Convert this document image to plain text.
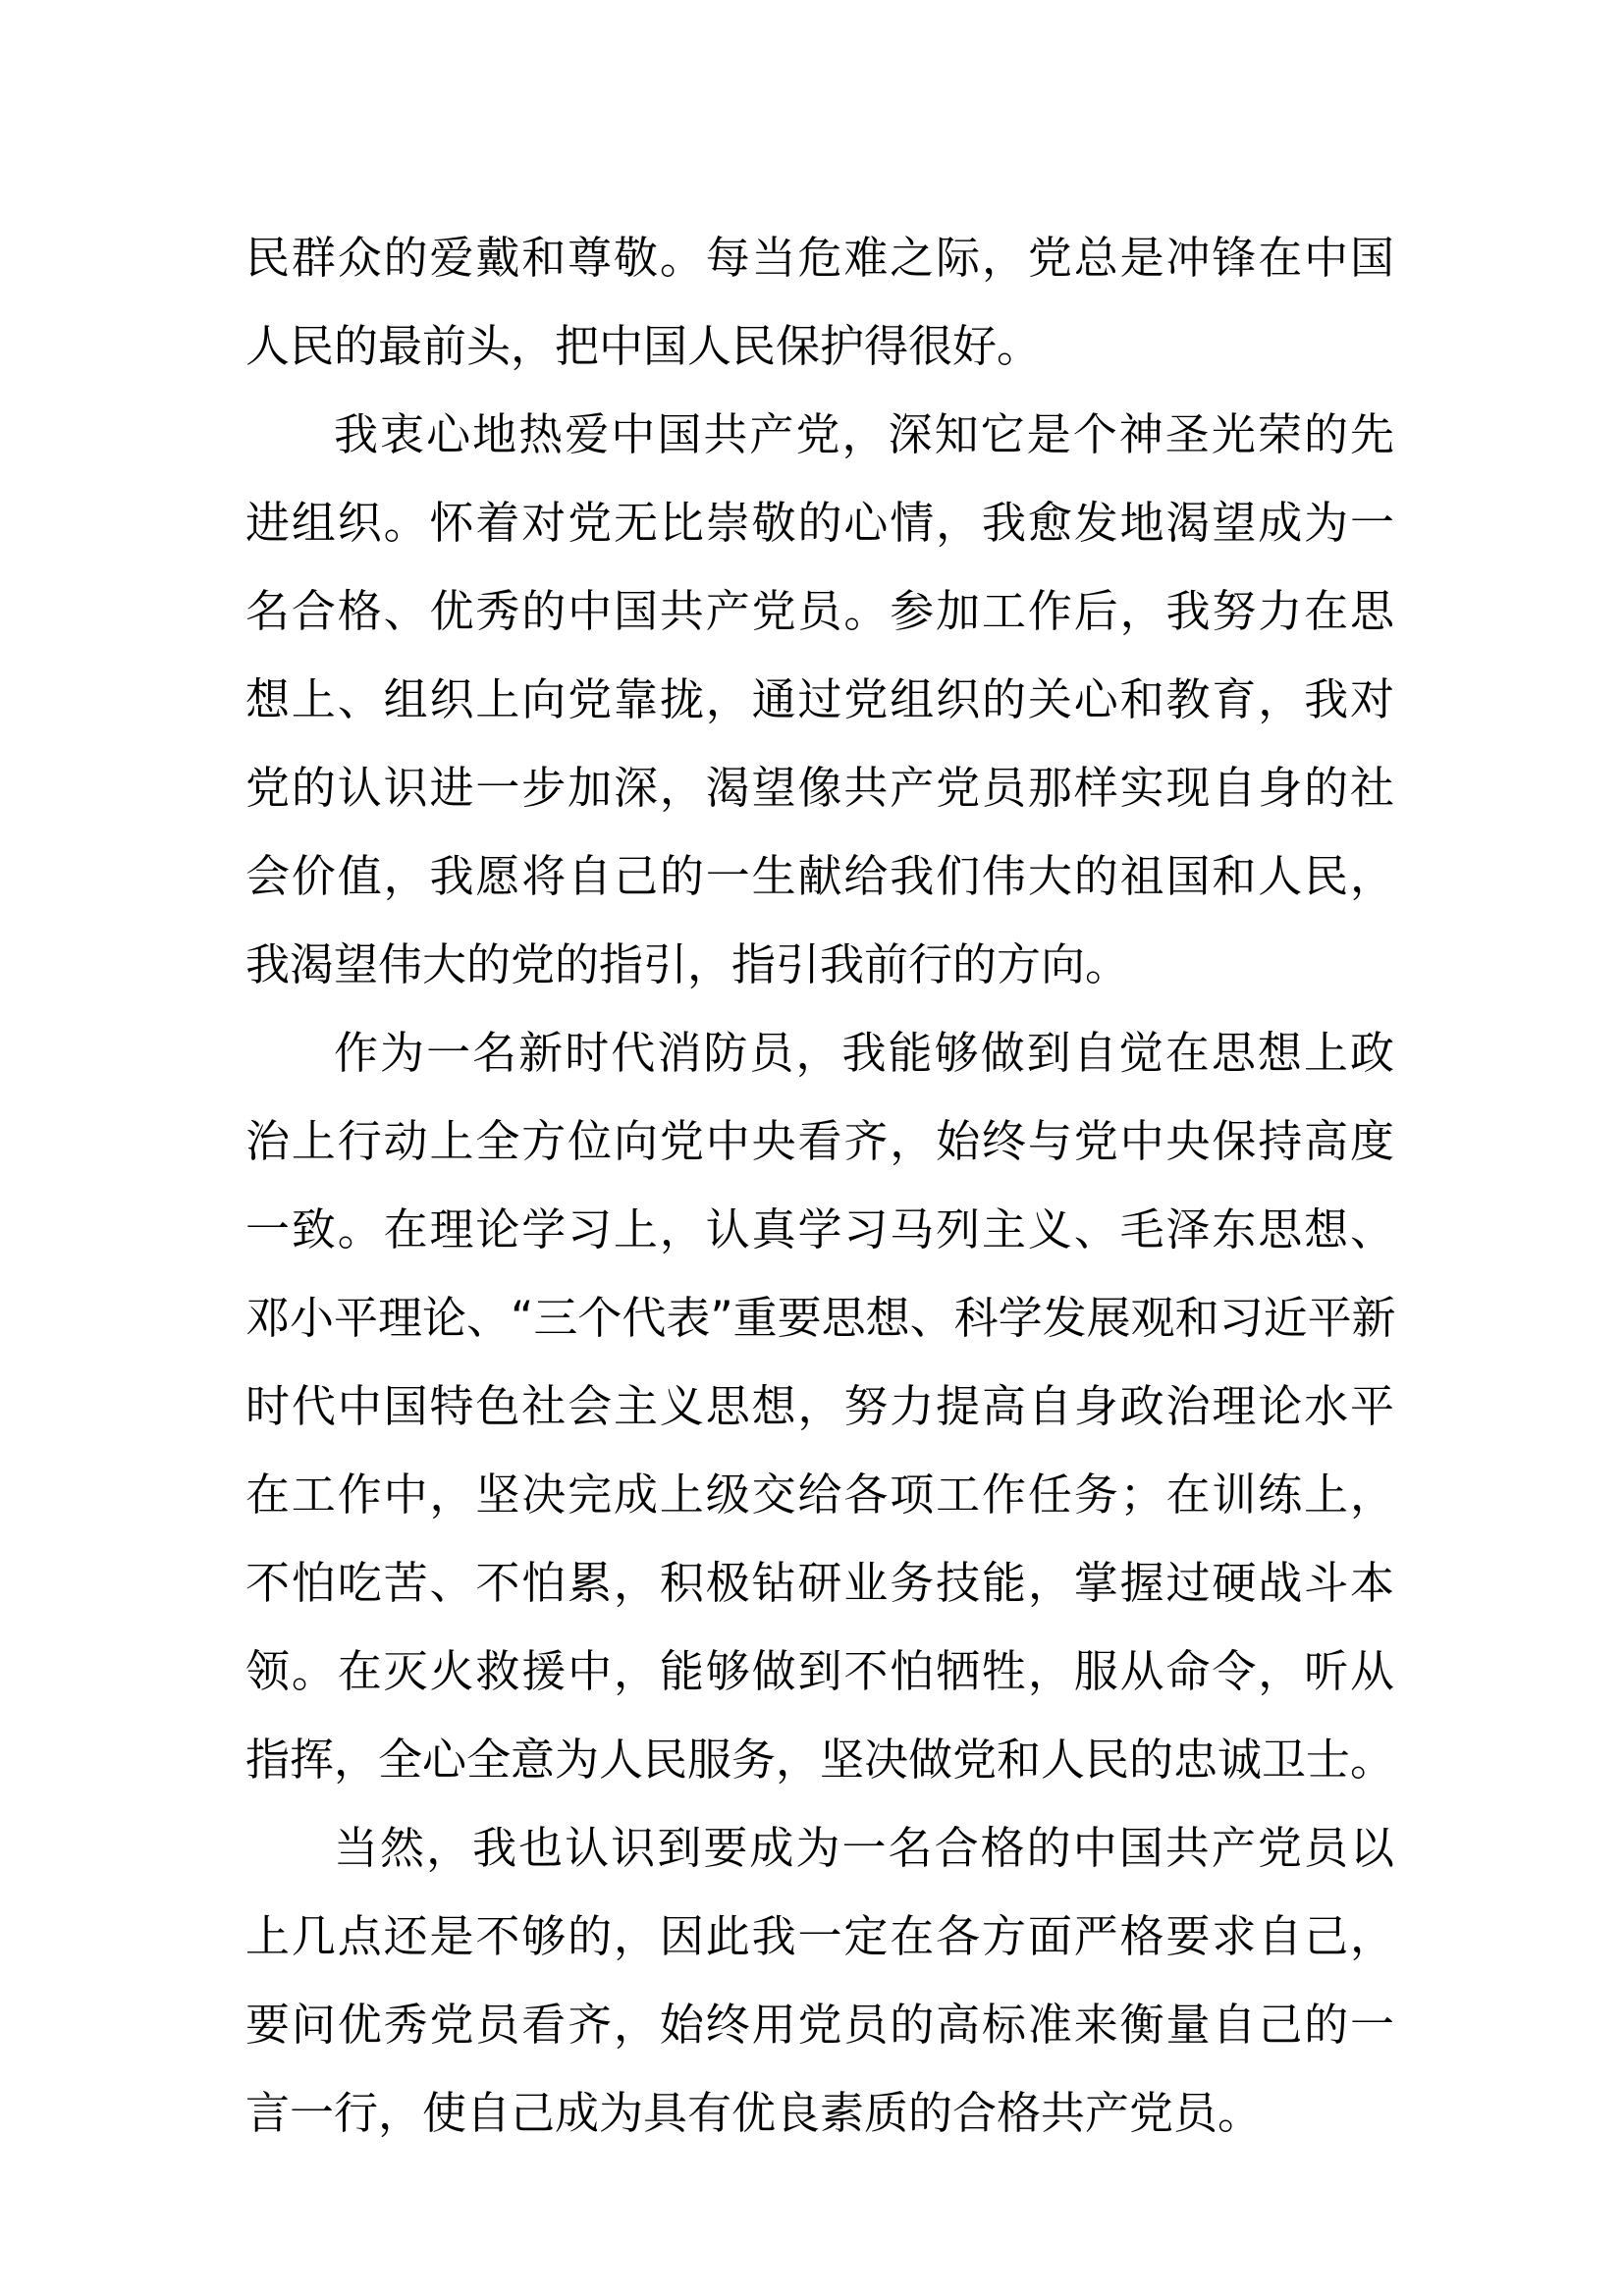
民群众的爱戴和尊敬。每当危难之际，党总是冲锋在中国
人民的最前头，把中国人民保护得很好。
我衷心地热爱中国共产党，深知它是个神圣光荣的先
进组织。怀着对党无比崇敬的心情，我愈发地渴望成为一
名合格、优秀的中国共产党员。参加工作后，我努力在思
想上、组织上向党靠拢，通过党组织的关心和教育，我对
党的认识进一步加深，渴望像共产党员那样实现自身的社
会价值，我愿将自己的一生献给我们伟大的祖国和人民，
我渴望伟大的党的指引，指引我前行的方向。
作为一名新时代消防员，我能够做到自觉在思想上政
治上行动上全方位向党中央看齐，始终与党中央保持高度
一致。在理论学习上，认真学习马列主义、毛泽东思想、
邓小平理论、“三个代表”重要思想、科学发展观和习近平新
时代中国特色社会主义思想，努力提高自身政治理论水平
在工作中，坚决完成上级交给各项工作任务；在训练上，
不怕吃苦、不怕累，积极钻研业务技能，掌握过硬战斗本
领。在灭火救援中，能够做到不怕牺牲，服从命令，听从
指挥，全心全意为人民服务，坚决做党和人民的忠诚卫士。
当然，我也认识到要成为一名合格的中国共产党员以
上几点还是不够的，因此我一定在各方面严格要求自己，
要问优秀党员看齐，始终用党员的高标准来衡量自己的一
言一行，使自己成为具有优良素质的合格共产党员。
